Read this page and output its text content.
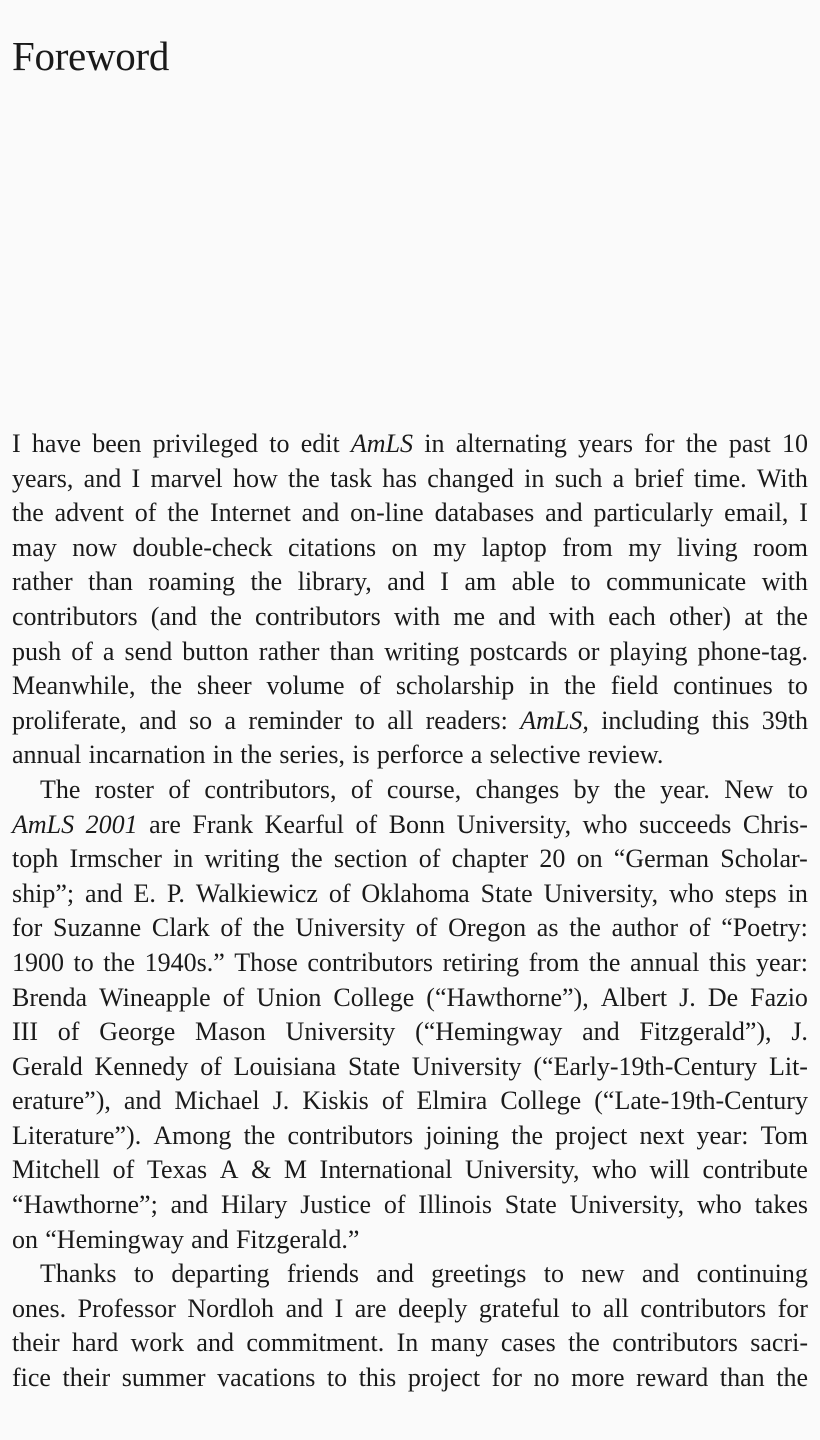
Foreword
I have been privileged to edit AmLS in alternating years for the past 10
years, and I marvel how the task has changed in such a brief time. With
the advent of the Internet and on-line databases and particularly email, I
may now double-check citations on my laptop from my living room
rather than roaming the library, and I am able to communicate with
contributors (and the contributors with me and with each other) at the
push of a send button rather than writing postcards or playing phone-tag.
Meanwhile, the sheer volume of scholarship in the field continues to
proliferate, and so a reminder to all readers: AmLS, including this 39th
annual incarnation in the series, is perforce a selective review.
The roster of contributors, of course, changes by the year. New to
AmLS 2001 are Frank Kearful of Bonn University, who succeeds Chris-
toph Irmscher in writing the section of chapter 20 on “German Scholar-
ship”; and E. P. Walkiewicz of Oklahoma State University, who steps in
for Suzanne Clark of the University of Oregon as the author of “Poetry:
1900 to the 1940s.” Those contributors retiring from the annual this year:
Brenda Wineapple of Union College (“Hawthorne”), Albert J. De Fazio
III of George Mason University (“Hemingway and Fitzgerald”), J.
Gerald Kennedy of Louisiana State University (“Early-19th-Century Lit-
erature”), and Michael J. Kiskis of Elmira College (“Late-19th-Century
Literature”). Among the contributors joining the project next year: Tom
Mitchell of Texas A & M International University, who will contribute
“Hawthorne”; and Hilary Justice of Illinois State University, who takes
on “Hemingway and Fitzgerald.”
Thanks to departing friends and greetings to new and continuing
ones. Professor Nordloh and I are deeply grateful to all contributors for
their hard work and commitment. In many cases the contributors sacri-
fice their summer vacations to this project for no more reward than the
